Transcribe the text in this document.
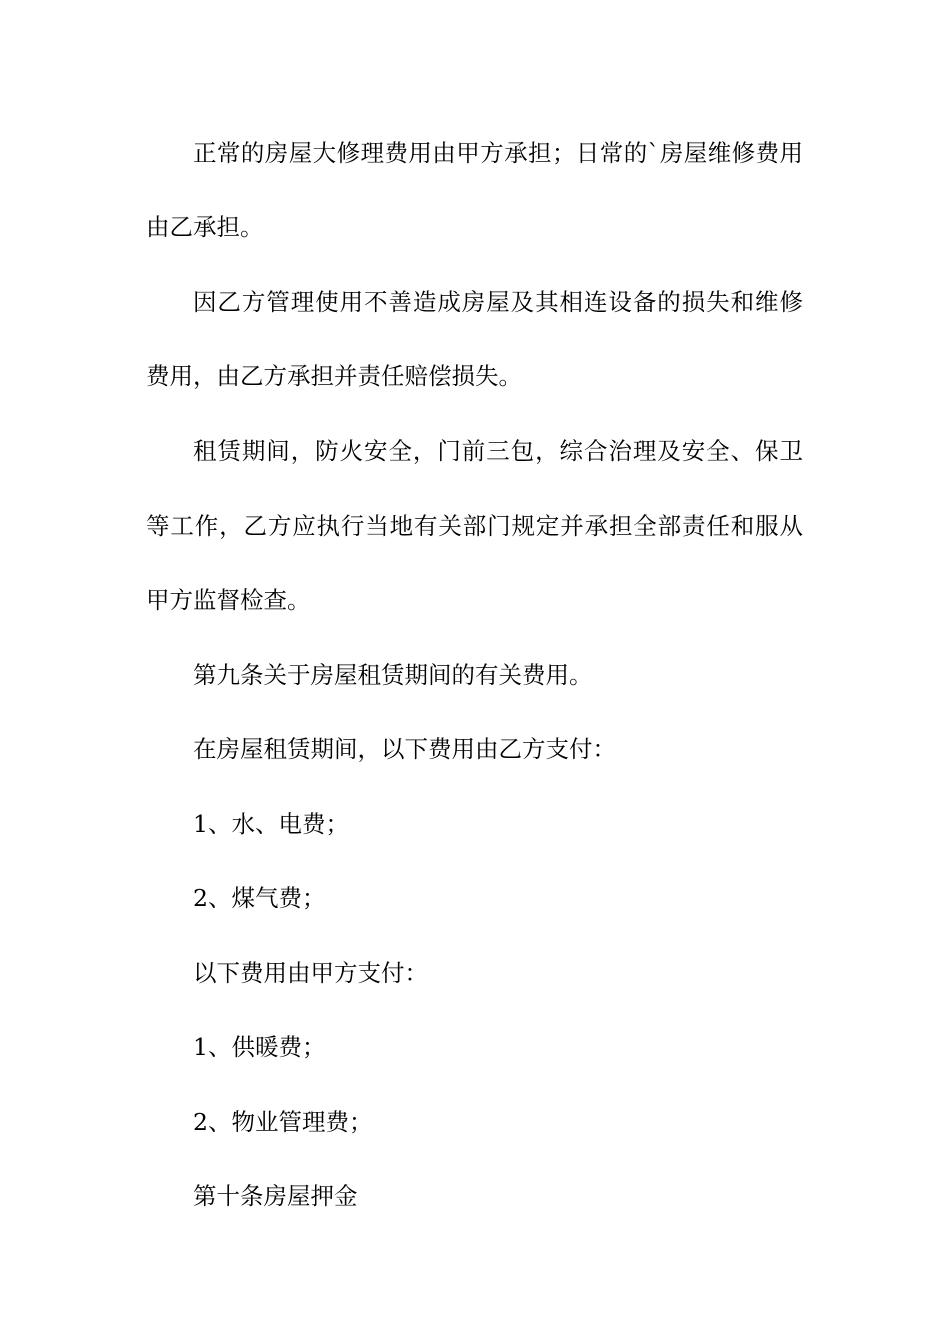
正常的房屋大修理费用由甲方承担；日常的`房屋维修费用
由乙承担。
因乙方管理使用不善造成房屋及其相连设备的损失和维修
费用，由乙方承担并责任赔偿损失。
租赁期间，防火安全，门前三包，综合治理及安全、保卫
等工作，乙方应执行当地有关部门规定并承担全部责任和服从
甲方监督检查。
第九条关于房屋租赁期间的有关费用。
在房屋租赁期间，以下费用由乙方支付：
1、水、电费；
2、煤气费；
以下费用由甲方支付：
1、供暖费；
2、物业管理费；
第十条房屋押金
